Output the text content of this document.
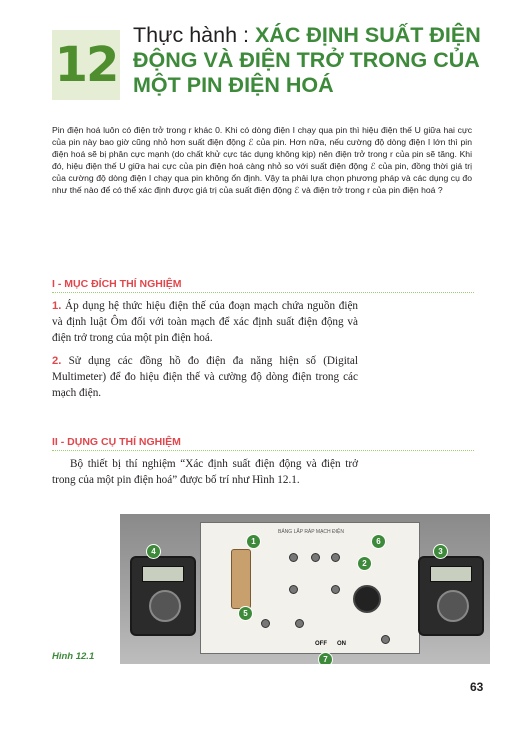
12
Thực hành : XÁC ĐỊNH SUẤT ĐIỆN ĐỘNG VÀ ĐIỆN TRỞ TRONG CỦA MỘT PIN ĐIỆN HOÁ

Pin điện hoá luôn có điện trở trong r khác 0. Khi có dòng điện I chạy qua pin thì hiệu điện thế U giữa hai cực của pin này bao giờ cũng nhỏ hơn suất điện động ℰ của pin. Hơn nữa, nếu cường độ dòng điện I lớn thì pin điện hoá sẽ bị phân cực mạnh (do chất khử cực tác dụng không kịp) nên điện trở trong r của pin sẽ tăng. Khi đó, hiệu điện thế U giữa hai cực của pin điện hoá càng nhỏ so với suất điện động ℰ của pin, đồng thời giá trị của cường độ dòng điện I chạy qua pin không ổn định. Vậy ta phải lựa chọn phương pháp và các dụng cụ đo như thế nào để có thể xác định được giá trị của suất điện động ℰ và điện trở trong r của pin điện hoá ?

I - MỤC ĐÍCH THÍ NGHIỆM

1. Áp dụng hệ thức hiệu điện thế của đoạn mạch chứa nguồn điện và định luật Ôm đối với toàn mạch để xác định suất điện động và điện trở trong của một pin điện hoá.

2. Sử dụng các đồng hồ đo điện đa năng hiện số (Digital Multimeter) để đo hiệu điện thế và cường độ dòng điện trong các mạch điện.

II - DỤNG CỤ THÍ NGHIỆM

Bộ thiết bị thí nghiệm “Xác định suất điện động và điện trở trong của một pin điện hoá” được bố trí như Hình 12.1.

BẢNG LẮP RÁP MẠCH ĐIỆN
OFF ON
1
2
3
4
5
6
7
Hình 12.1
63
